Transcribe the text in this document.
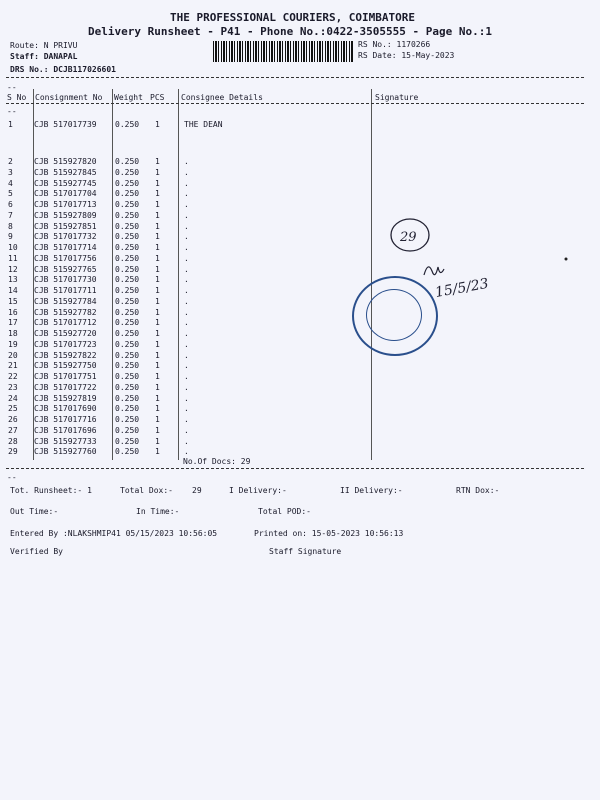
THE PROFESSIONAL COURIERS, COIMBATORE
Delivery Runsheet - P41 - Phone No.:0422-3505555 - Page No.:1
Route: N PRIVU
Staff: DANAPAL
DRS No.: DCJB117026601
RS No.: 1170266
RS Date: 15-May-2023
--
S No Consignment No Weight PCS Consignee Details	Signature
--
1	CJB 517017739 0.250 1	THE DEAN
2	CJB 515927820 0.250 1	.
3	CJB 515927845 0.250 1	.
4	CJB 515927745 0.250 1	.
5	CJB 517017704 0.250 1	.
6	CJB 517017713 0.250 1	.
7	CJB 515927809 0.250 1	.
8	CJB 515927851 0.250 1	.
9	CJB 517017732 0.250 1	.
10 CJB 517017714 0.250 1	.
11 CJB 517017756 0.250 1	.
12 CJB 515927765 0.250 1	.
13 CJB 517017730 0.250 1	.
14 CJB 517017711 0.250 1	.
15 CJB 515927784 0.250 1	.
16 CJB 515927782 0.250 1	.
17 CJB 517017712 0.250 1	.
18 CJB 515927720 0.250 1	.
19 CJB 517017723 0.250 1	.
20 CJB 515927822 0.250 1	.
21 CJB 515927750 0.250 1	.
22 CJB 517017751 0.250 1	.
23 CJB 517017722 0.250 1	.
24 CJB 515927819 0.250 1	.
25 CJB 517017690 0.250 1	.
26 CJB 517017716 0.250 1	.
27 CJB 517017696 0.250 1	.
28 CJB 515927733 0.250 1	.
29 CJB 515927760 0.250 1	.
No.Of Docs: 29
--
Tot. Runsheet:- 1	Total Dox:- 29	I Delivery:-	II Delivery:-	RTN Dox:-
Out Time:-	In Time:-	Total POD:-
Entered By :NLAKSHMIP41 05/15/2023 10:56:05	Printed on: 15-05-2023 10:56:13
Verified By	Staff Signature
29
15/5/23
